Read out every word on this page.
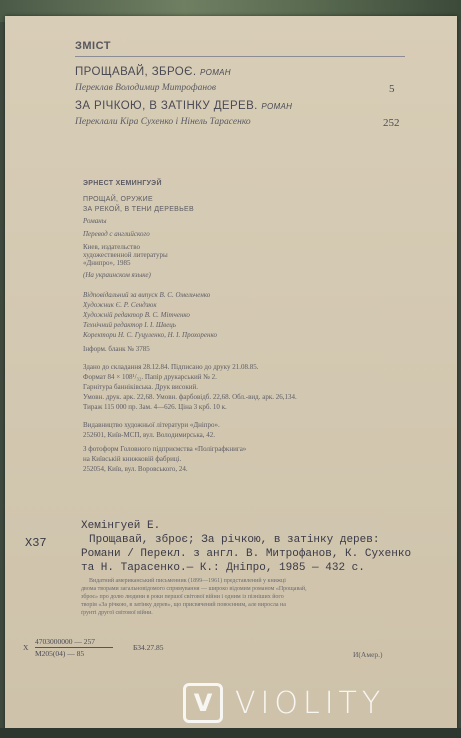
ЗМІСТ
ПРОЩАВАЙ, ЗБРОЄ. РОМАН
Переклав Володимир Митрофанов	5
ЗА РІЧКОЮ, В ЗАТІНКУ ДЕРЕВ. РОМАН
Переклали Кіра Сухенко і Нінель Тарасенко	252
ЭРНЕСТ ХЕМИНГУЭЙ
ПРОЩАЙ, ОРУЖИЕ
ЗА РЕКОЙ, В ТЕНИ ДЕРЕВЬЕВ
Романы
Перевод с английского
Киев, издательство
художественной литературы
«Днипро», 1985
(На украинском языке)
Відповідальний за випуск В. С. Омельченко
Художник Є. Р. Сендзюк
Художній редактор В. С. Мітченко
Технічний редактор І. І. Швець
Коректори Н. С. Гуцуленко, Н. І. Прохоренко
Інформ. бланк № 3785
Здано до складання 28.12.84. Підписано до друку 21.08.85.
Формат 84 × 108¹/₃₂. Папір друкарський № 2.
Гарнітура банніківська. Друк високий.
Умовн. друк. арк. 22,68. Умовн. фарбовідб. 22,68. Обл.-вид. арк. 26,134.
Тираж 115 000 пр. Зам. 4—626. Ціна 3 крб. 10 к.
Видавництво художньої літератури «Дніпро».
252601, Київ-МСП, вул. Володимирська, 42.
З фотоформ Головного підприємства «Поліграфкнига»
на Київській книжковій фабриці.
252054, Київ, вул. Воровського, 24.
Х37
Хемінгуей Е.
Прощавай, зброє; За річкою, в затінку дерев:
Романи / Перекл. з англ. В. Митрофанов, К. Сухенко
та Н. Тарасенко.— К.: Дніпро, 1985 — 432 с.
Видатний американський письменник (1899—1961) представлений у книжці
двома творами загальновідомого спрямування — широко відомим романом «Прощавай,
зброє» про долю людини в роки першої світової війни і одним із пізніших його
творів «За річкою, в затінку дерев», що присвячений повоєнним, але виросла на
ґрунті другої світової війни.
Х
4703000000 — 257
М205(04) — 85
Б34.27.85
И(Амер.)
V VIOLITY
